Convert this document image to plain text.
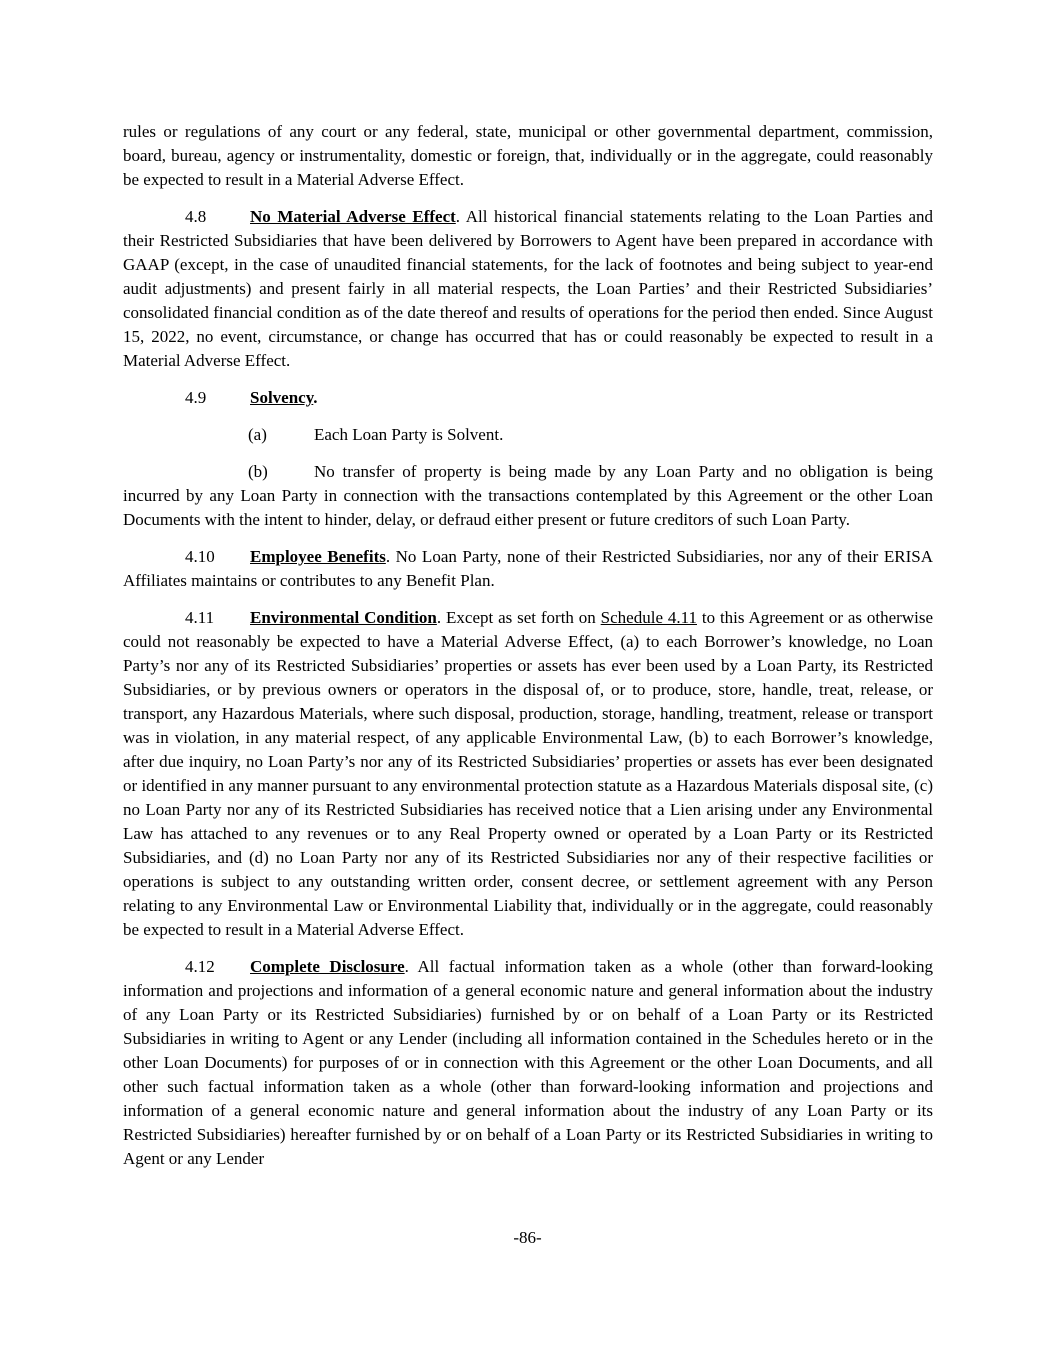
rules or regulations of any court or any federal, state, municipal or other governmental department, commission, board, bureau, agency or instrumentality, domestic or foreign, that, individually or in the aggregate, could reasonably be expected to result in a Material Adverse Effect.

4.8	No Material Adverse Effect. All historical financial statements relating to the Loan Parties and their Restricted Subsidiaries that have been delivered by Borrowers to Agent have been prepared in accordance with GAAP (except, in the case of unaudited financial statements, for the lack of footnotes and being subject to year-end audit adjustments) and present fairly in all material respects, the Loan Parties’ and their Restricted Subsidiaries’ consolidated financial condition as of the date thereof and results of operations for the period then ended. Since August 15, 2022, no event, circumstance, or change has occurred that has or could reasonably be expected to result in a Material Adverse Effect.

4.9	Solvency.

(a)	Each Loan Party is Solvent.

(b)	No transfer of property is being made by any Loan Party and no obligation is being incurred by any Loan Party in connection with the transactions contemplated by this Agreement or the other Loan Documents with the intent to hinder, delay, or defraud either present or future creditors of such Loan Party.

4.10 Employee Benefits. No Loan Party, none of their Restricted Subsidiaries, nor any of their ERISA Affiliates maintains or contributes to any Benefit Plan.

4.11 Environmental Condition. Except as set forth on Schedule 4.11 to this Agreement or as otherwise could not reasonably be expected to have a Material Adverse Effect, (a) to each Borrower’s knowledge, no Loan Party’s nor any of its Restricted Subsidiaries’ properties or assets has ever been used by a Loan Party, its Restricted Subsidiaries, or by previous owners or operators in the disposal of, or to produce, store, handle, treat, release, or transport, any Hazardous Materials, where such disposal, production, storage, handling, treatment, release or transport was in violation, in any material respect, of any applicable Environmental Law, (b) to each Borrower’s knowledge, after due inquiry, no Loan Party’s nor any of its Restricted Subsidiaries’ properties or assets has ever been designated or identified in any manner pursuant to any environmental protection statute as a Hazardous Materials disposal site, (c) no Loan Party nor any of its Restricted Subsidiaries has received notice that a Lien arising under any Environmental Law has attached to any revenues or to any Real Property owned or operated by a Loan Party or its Restricted Subsidiaries, and (d) no Loan Party nor any of its Restricted Subsidiaries nor any of their respective facilities or operations is subject to any outstanding written order, consent decree, or settlement agreement with any Person relating to any Environmental Law or Environmental Liability that, individually or in the aggregate, could reasonably be expected to result in a Material Adverse Effect.

4.12 Complete Disclosure. All factual information taken as a whole (other than forward-looking information and projections and information of a general economic nature and general information about the industry of any Loan Party or its Restricted Subsidiaries) furnished by or on behalf of a Loan Party or its Restricted Subsidiaries in writing to Agent or any Lender (including all information contained in the Schedules hereto or in the other Loan Documents) for purposes of or in connection with this Agreement or the other Loan Documents, and all other such factual information taken as a whole (other than forward-looking information and projections and information of a general economic nature and general information about the industry of any Loan Party or its Restricted Subsidiaries) hereafter furnished by or on behalf of a Loan Party or its Restricted Subsidiaries in writing to Agent or any Lender

-86-
